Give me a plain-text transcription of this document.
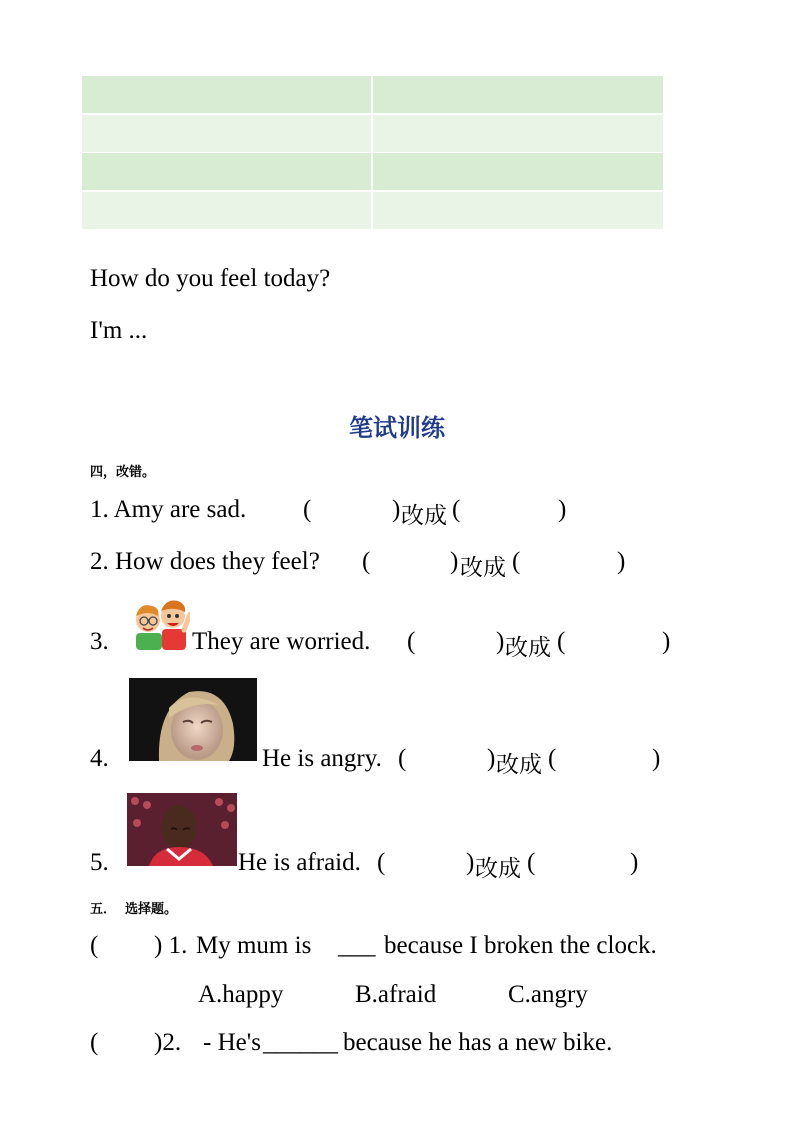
How do you feel today?
I'm ...
笔试训练
四，改错。
1. Amy are sad. (	) 改成 (	)
2. How does they feel? (	) 改成 (	)
3.	They are worried. (	) 改成 (	)
4.	He is angry. (	) 改成 (	)
5.	He is afraid. (	) 改成 (	)
五．  选择题。
( ) 1. My mum is ___ because I broken the clock.
A.happy	B.afraid	C.angry
( )2. - He's ______ because he has a new bike.
